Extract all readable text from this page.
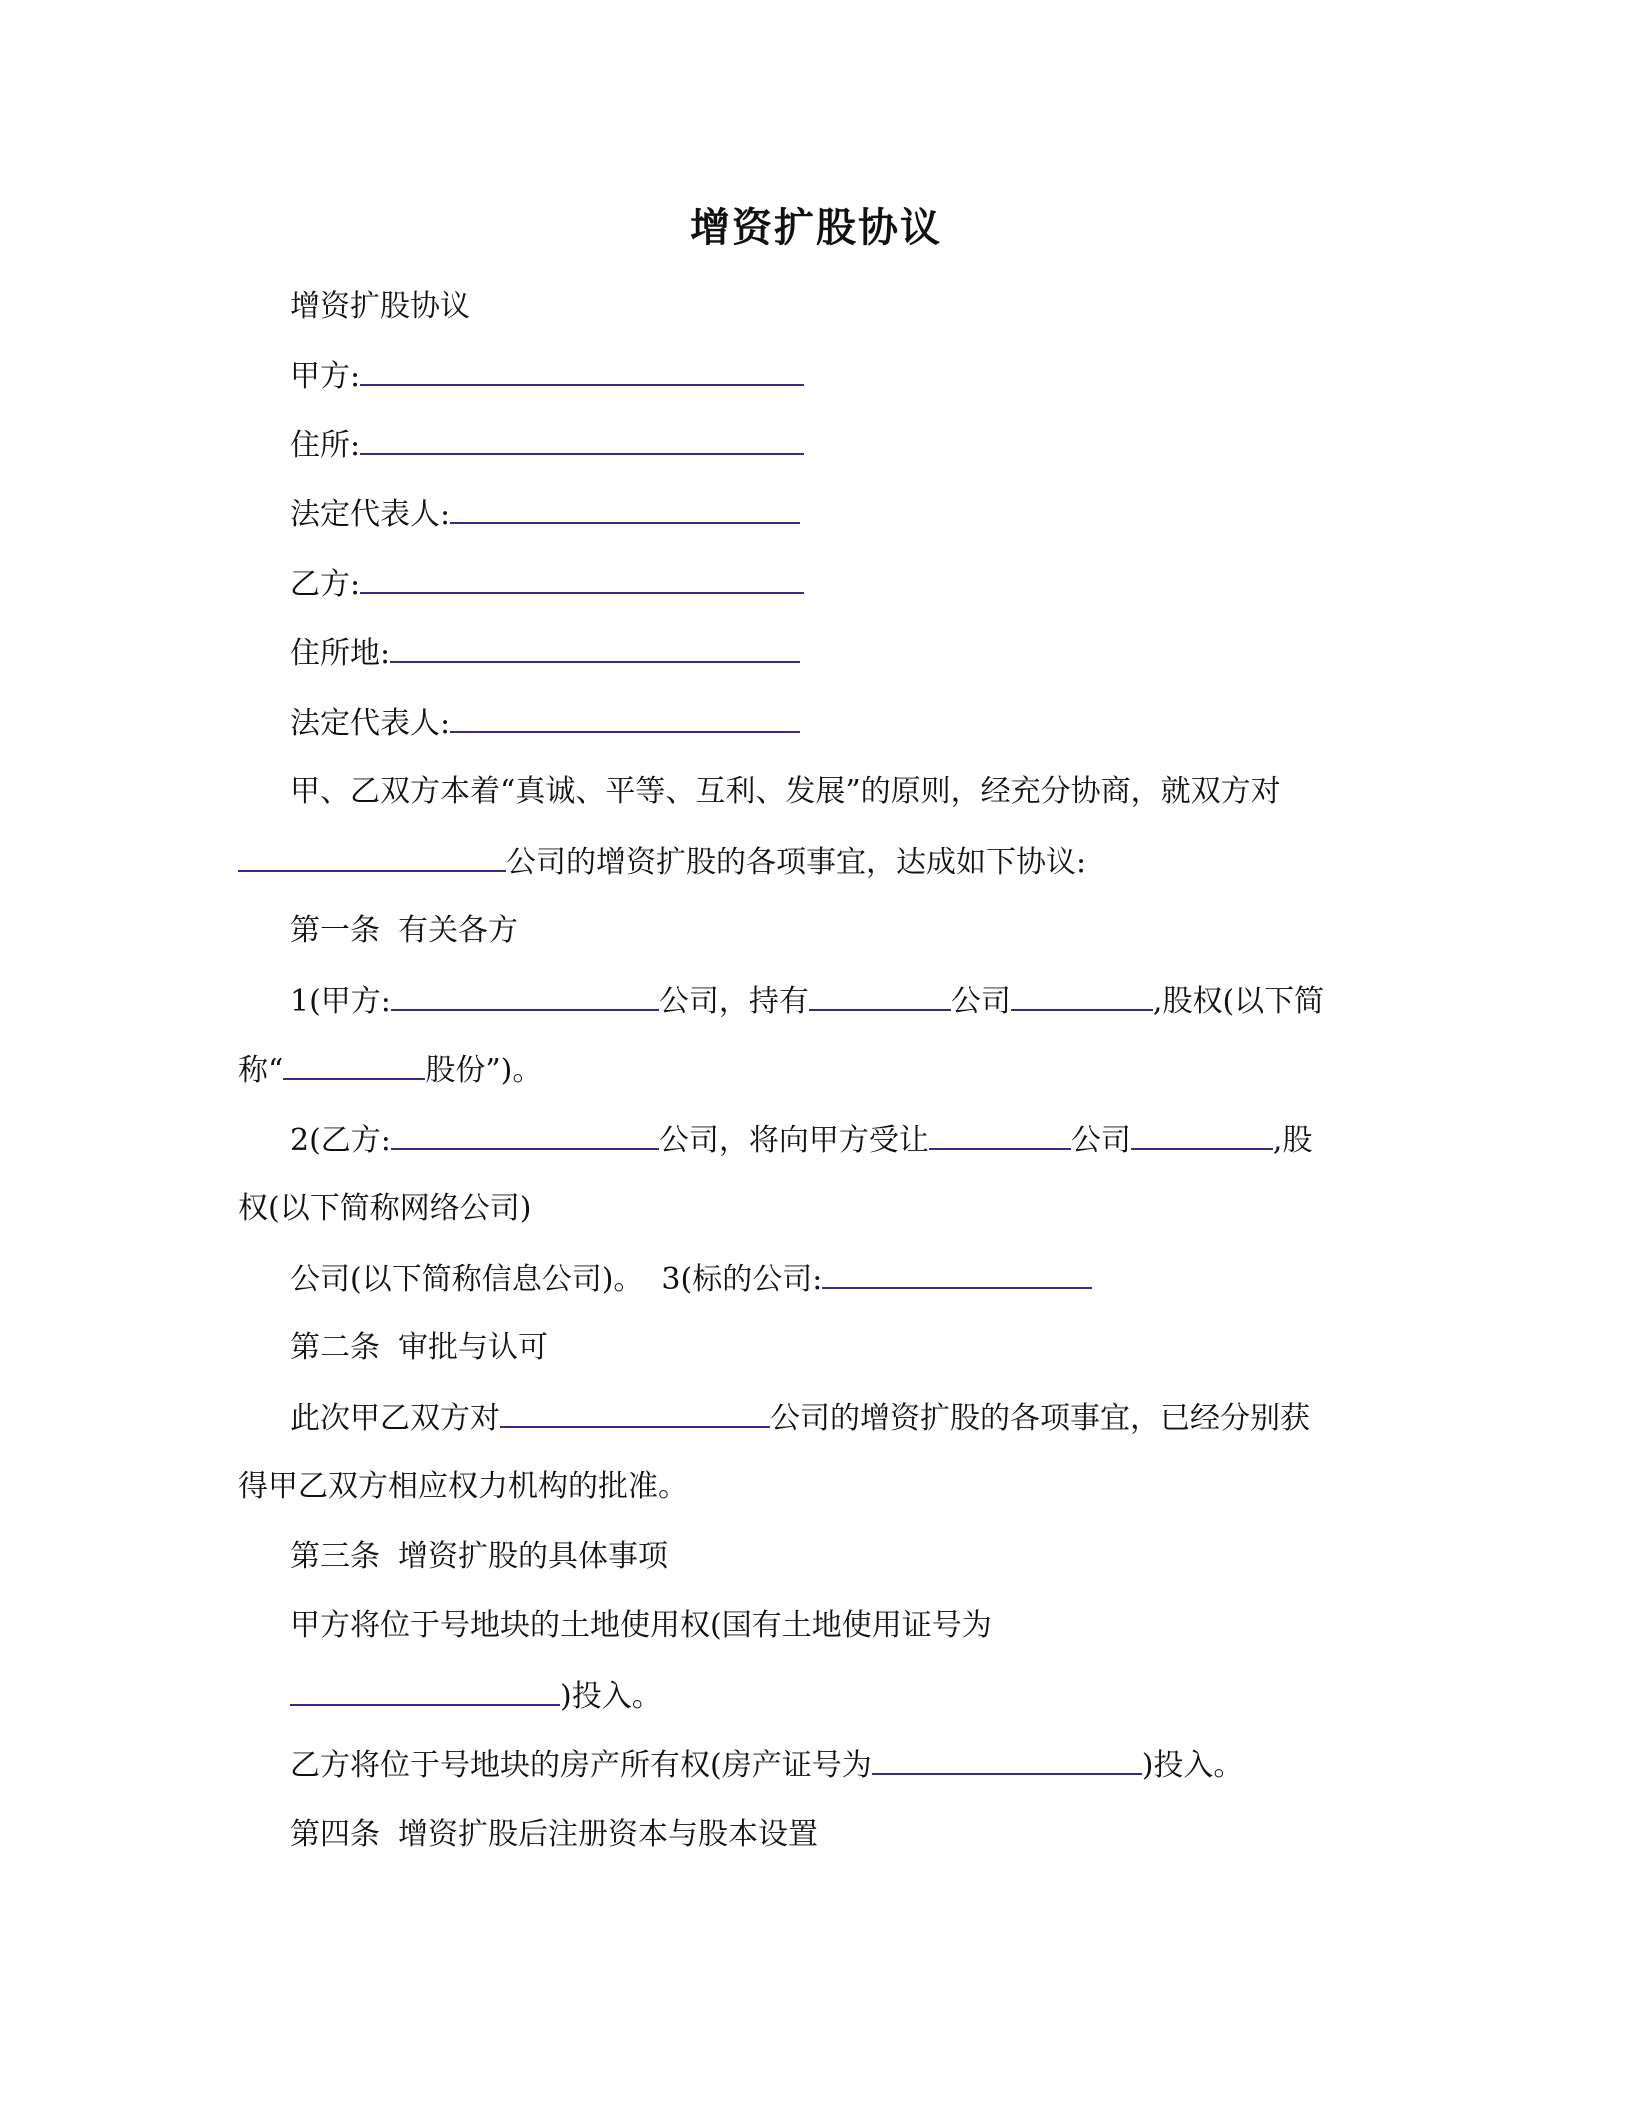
增资扩股协议
增资扩股协议
甲方:
住所:
法定代表人:
乙方:
住所地:
法定代表人:
甲、乙双方本着“真诚、平等、互利、发展”的原则，经充分协商，就双方对
公司的增资扩股的各项事宜，达成如下协议:
第一条 有关各方
1(甲方:	公司，持有	公司	,股权(以下简
称“	股份”)。
2(乙方:	公司，将向甲方受让	公司	,股
权(以下简称网络公司)
公司(以下简称信息公司)。 3(标的公司:
第二条 审批与认可
此次甲乙双方对	公司的增资扩股的各项事宜，已经分别获
得甲乙双方相应权力机构的批准。
第三条 增资扩股的具体事项
甲方将位于号地块的土地使用权(国有土地使用证号为
)投入。
乙方将位于号地块的房产所有权(房产证号为	)投入。
第四条 增资扩股后注册资本与股本设置
